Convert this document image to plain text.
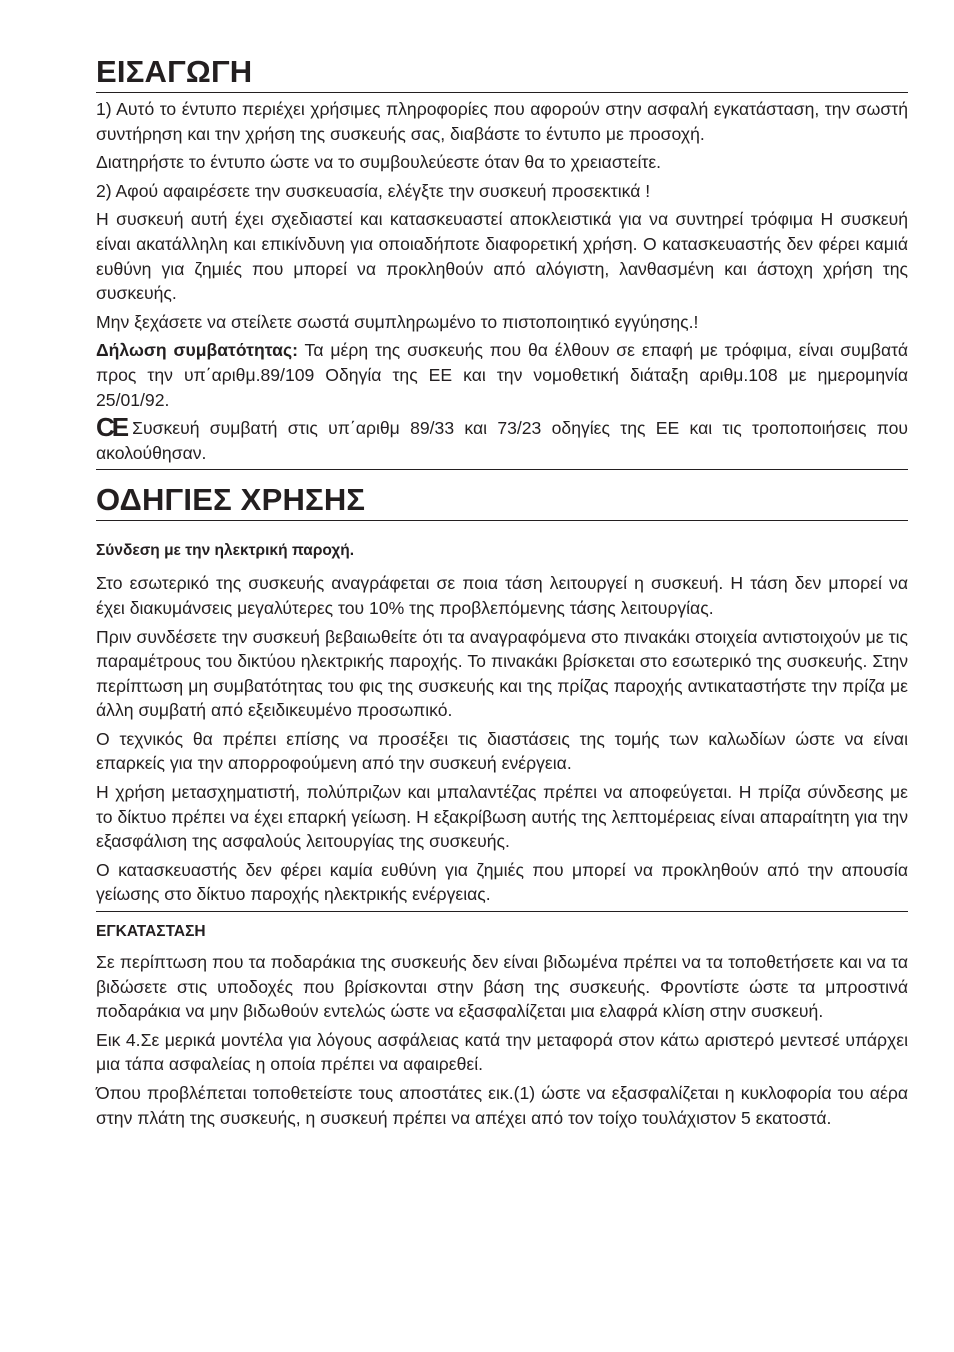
ΕΙΣΑΓΩΓΗ

1) Αυτό το έντυπο περιέχει χρήσιμες πληροφορίες που αφορούν στην ασφαλή εγκατάσταση, την σωστή συντήρηση και την χρήση της συσκευής σας, διαβάστε το έντυπο με προσοχή.

Διατηρήστε το έντυπο ώστε να το συμβουλεύεστε όταν θα το χρειαστείτε.

2) Αφού αφαιρέσετε την συσκευασία, ελέγξτε την συσκευή προσεκτικά !

Η συσκευή αυτή έχει σχεδιαστεί και κατασκευαστεί αποκλειστικά για να συντηρεί τρόφιμα Η συσκευή είναι ακατάλληλη και επικίνδυνη για οποιαδήποτε διαφορετική χρήση. Ο κατασκευαστής δεν φέρει καμιά ευθύνη για ζημιές που μπορεί να προκληθούν από αλόγιστη, λανθασμένη και άστοχη χρήση της συσκευής.

Μην ξεχάσετε να στείλετε σωστά συμπληρωμένο το πιστοποιητικό εγγύησης.!

Δήλωση συμβατότητας: Τα μέρη της συσκευής που θα έλθουν σε επαφή με τρόφιμα, είναι συμβατά προς την υπ΄αριθμ.89/109 Οδηγία της ΕΕ και την νομοθετική διάταξη αριθμ.108 με ημερομηνία 25/01/92.

CE Συσκευή συμβατή στις υπ΄αριθμ 89/33 και 73/23 οδηγίες της ΕΕ και τις τροποποιήσεις που ακολούθησαν.

ΟΔΗΓΙΕΣ ΧΡΗΣΗΣ

Σύνδεση με την ηλεκτρική παροχή.

Στο εσωτερικό της συσκευής αναγράφεται σε ποια τάση λειτουργεί η συσκευή. Η τάση δεν μπορεί να έχει διακυμάνσεις μεγαλύτερες του 10% της προβλεπόμενης τάσης λειτουργίας.

Πριν συνδέσετε την συσκευή βεβαιωθείτε ότι τα αναγραφόμενα στο πινακάκι στοιχεία αντιστοιχούν με τις παραμέτρους του δικτύου ηλεκτρικής παροχής. Το πινακάκι βρίσκεται στο εσωτερικό της συσκευής. Στην περίπτωση μη συμβατότητας του φις της συσκευής και της πρίζας παροχής αντικαταστήστε την πρίζα με άλλη συμβατή από εξειδικευμένο προσωπικό.

Ο τεχνικός θα πρέπει επίσης να προσέξει τις διαστάσεις της τομής των καλωδίων ώστε να είναι επαρκείς για την απορροφούμενη από την συσκευή ενέργεια.

Η χρήση μετασχηματιστή, πολύπριζων και μπαλαντέζας πρέπει να αποφεύγεται. Η πρίζα σύνδεσης με το δίκτυο πρέπει να έχει επαρκή γείωση. Η εξακρίβωση αυτής της λεπτομέρειας είναι απαραίτητη για την εξασφάλιση της ασφαλούς λειτουργίας της συσκευής.

Ο κατασκευαστής δεν φέρει καμία ευθύνη για ζημιές που μπορεί να προκληθούν από την απουσία γείωσης στο δίκτυο παροχής ηλεκτρικής ενέργειας.

ΕΓΚΑΤΑΣΤΑΣΗ

Σε περίπτωση που τα ποδαράκια της συσκευής δεν είναι βιδωμένα πρέπει να τα τοποθετήσετε και να τα βιδώσετε στις υποδοχές που βρίσκονται στην βάση της συσκευής. Φροντίστε ώστε τα μπροστινά ποδαράκια να μην βιδωθούν εντελώς ώστε να εξασφαλίζεται μια ελαφρά κλίση στην συσκευή.

Εικ 4.Σε μερικά μοντέλα για λόγους ασφάλειας κατά την μεταφορά στον κάτω αριστερό μεντεσέ υπάρχει μια τάπα ασφαλείας η οποία πρέπει να αφαιρεθεί.

Όπου προβλέπεται τοποθετείστε τους αποστάτες εικ.(1) ώστε να εξασφαλίζεται η κυκλοφορία του αέρα στην πλάτη της συσκευής, η συσκευή πρέπει να απέχει από τον τοίχο τουλάχιστον 5 εκατοστά.
